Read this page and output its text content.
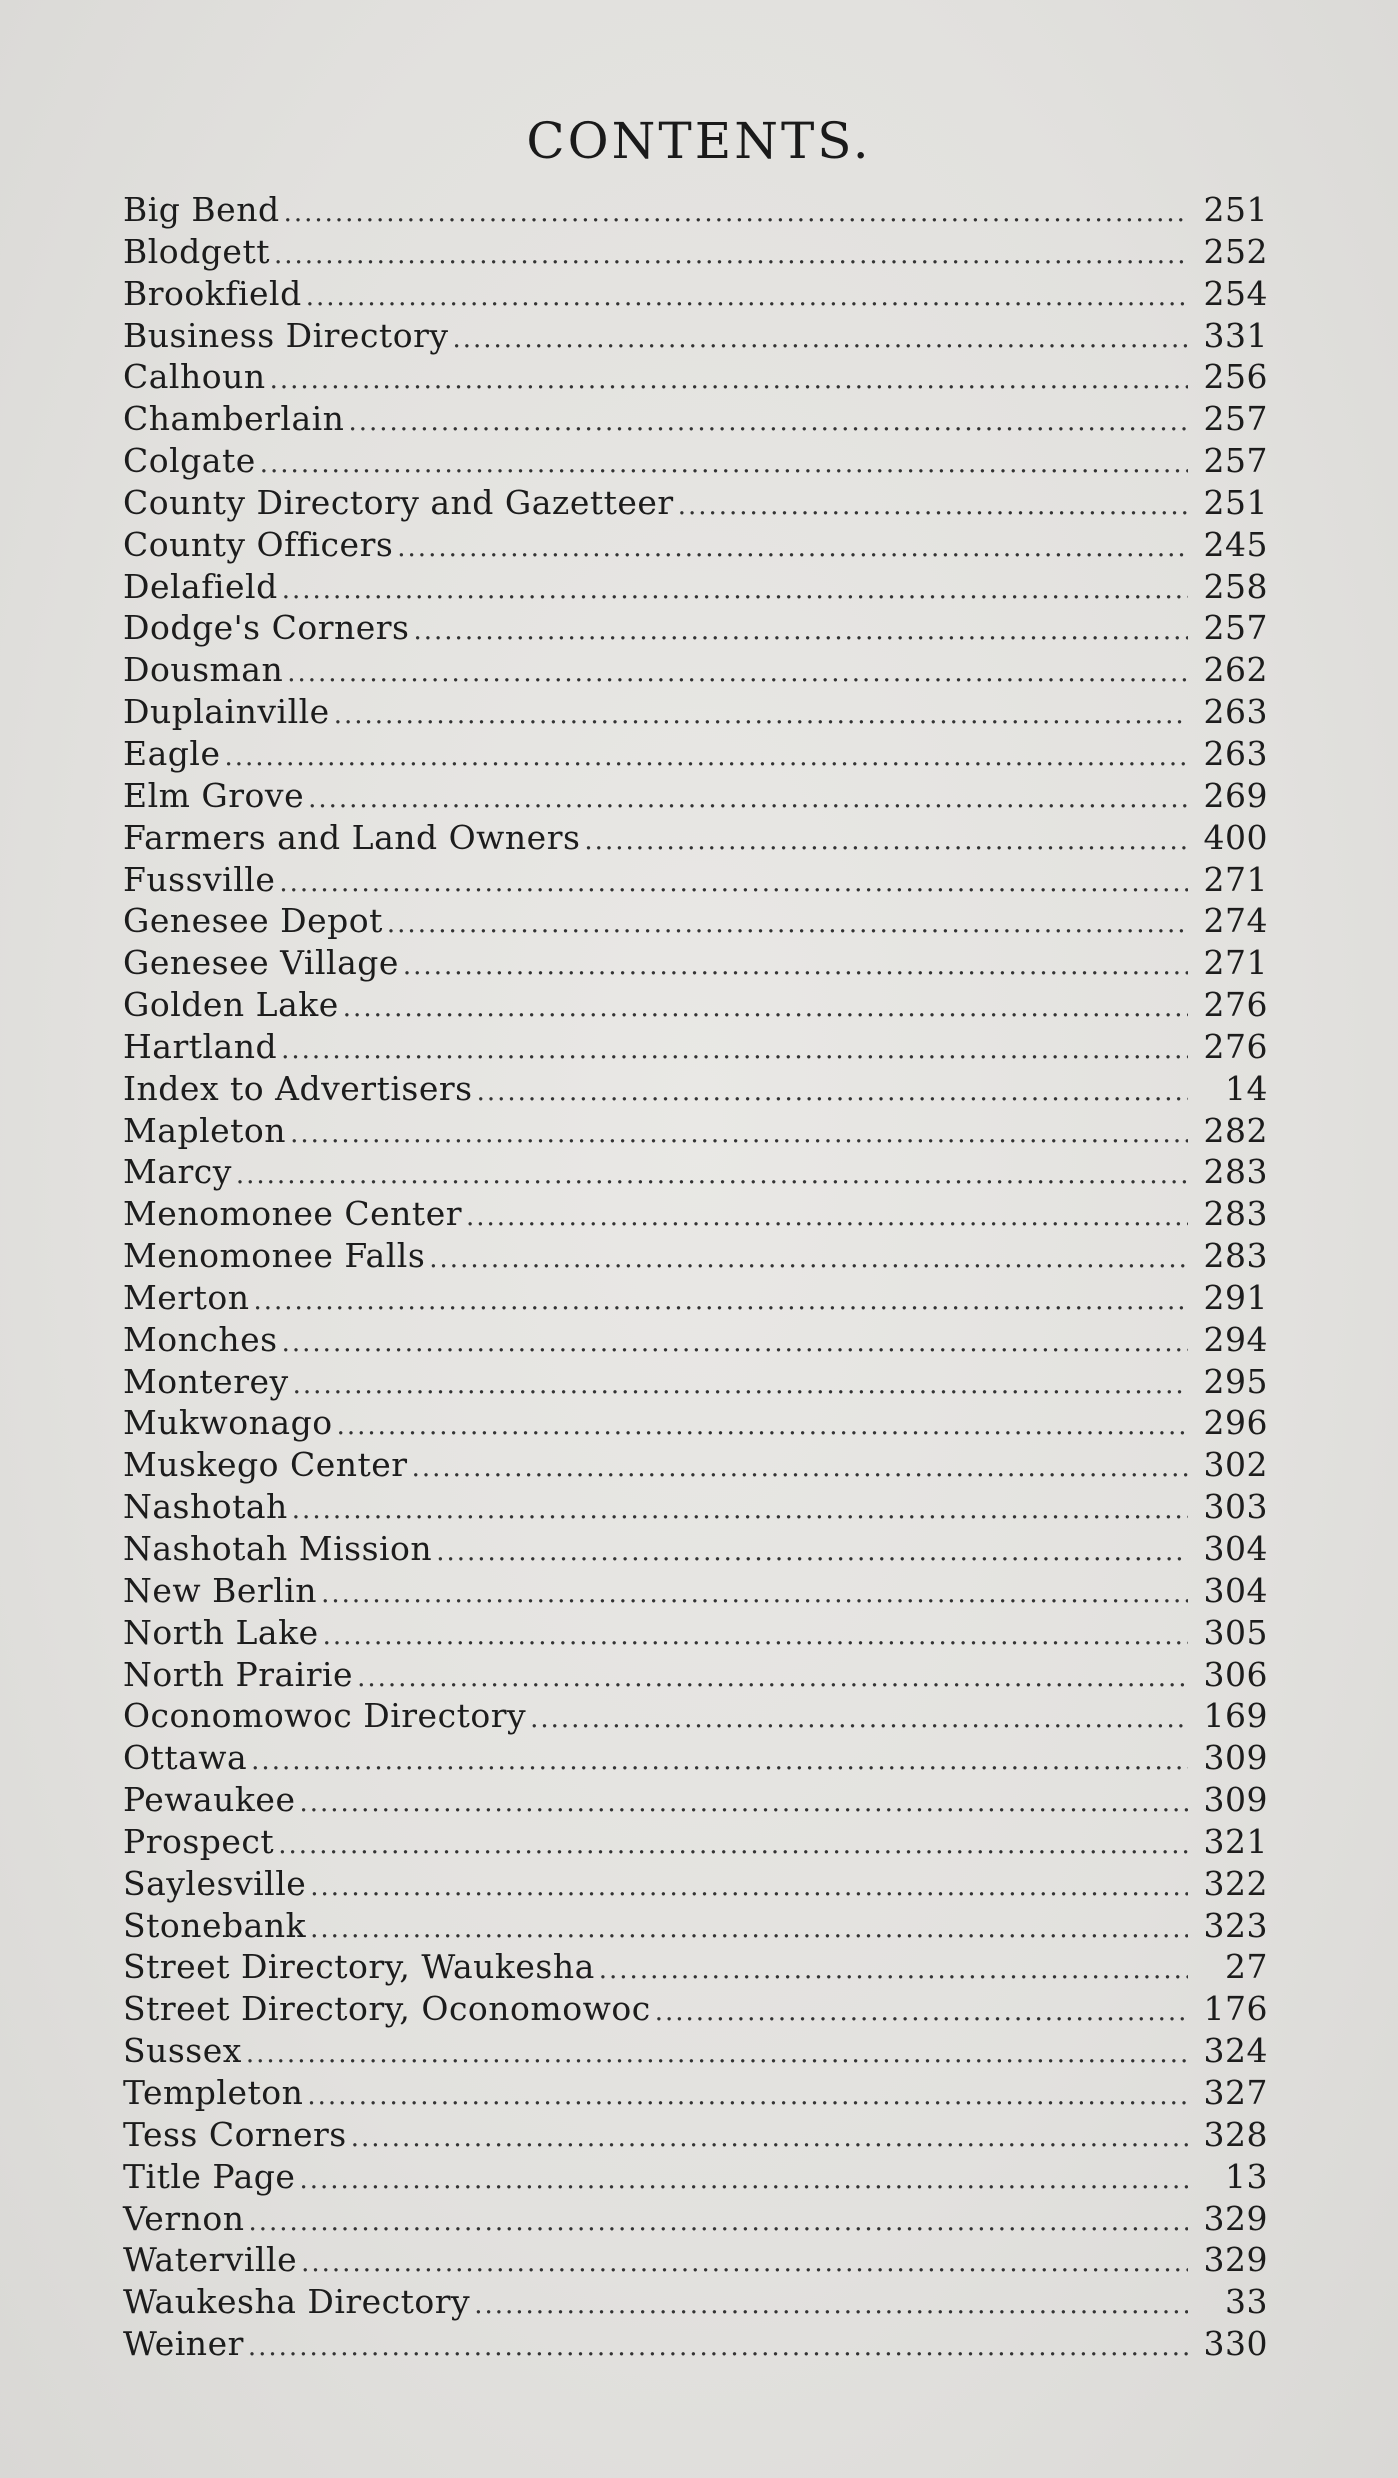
CONTENTS.
Big Bend .....	251
Blodgett .....	252
Brookfield .....	254
Business Directory .....	331
Calhoun .....	256
Chamberlain .....	257
Colgate .....	257
County Directory and Gazetteer .....	251
County Officers .....	245
Delafield .....	258
Dodge's Corners .....	257
Dousman .....	262
Duplainville .....	263
Eagle .....	263
Elm Grove .....	269
Farmers and Land Owners .....	400
Fussville .....	271
Genesee Depot .....	274
Genesee Village .....	271
Golden Lake .....	276
Hartland .....	276
Index to Advertisers .....	14
Mapleton .....	282
Marcy .....	283
Menomonee Center .....	283
Menomonee Falls .....	283
Merton .....	291
Monches .....	294
Monterey .....	295
Mukwonago .....	296
Muskego Center .....	302
Nashotah .....	303
Nashotah Mission .....	304
New Berlin .....	304
North Lake .....	305
North Prairie .....	306
Oconomowoc Directory .....	169
Ottawa .....	309
Pewaukee .....	309
Prospect .....	321
Saylesville .....	322
Stonebank .....	323
Street Directory, Waukesha .....	27
Street Directory, Oconomowoc .....	176
Sussex .....	324
Templeton .....	327
Tess Corners .....	328
Title Page .....	13
Vernon .....	329
Waterville .....	329
Waukesha Directory .....	33
Weiner .....	330
